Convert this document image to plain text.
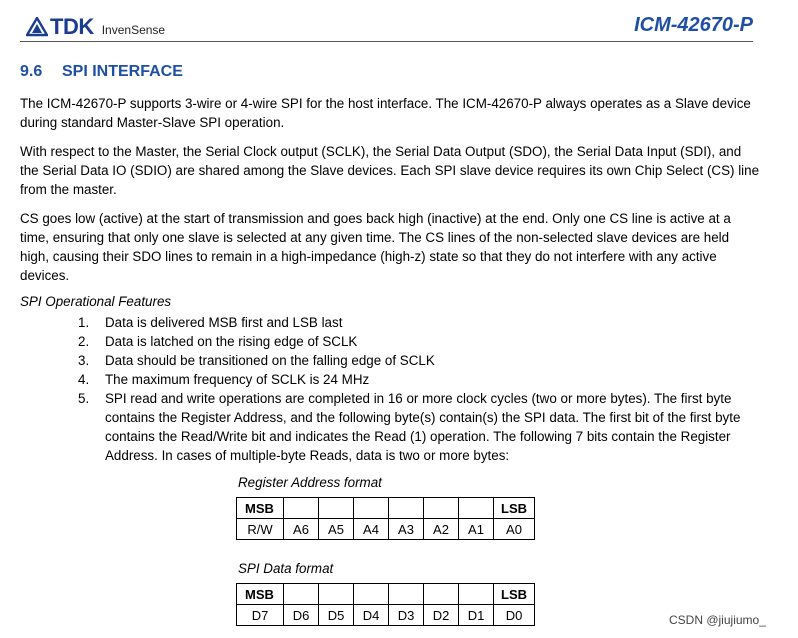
TDK InvenSense	ICM-42670-P
9.6 SPI INTERFACE

The ICM-42670-P supports 3-wire or 4-wire SPI for the host interface. The ICM-42670-P always operates as a Slave device during standard Master-Slave SPI operation.

With respect to the Master, the Serial Clock output (SCLK), the Serial Data Output (SDO), the Serial Data Input (SDI), and the Serial Data IO (SDIO) are shared among the Slave devices. Each SPI slave device requires its own Chip Select (CS) line from the master.

CS goes low (active) at the start of transmission and goes back high (inactive) at the end. Only one CS line is active at a time, ensuring that only one slave is selected at any given time. The CS lines of the non-selected slave devices are held high, causing their SDO lines to remain in a high-impedance (high-z) state so that they do not interfere with any active devices.

SPI Operational Features
1. Data is delivered MSB first and LSB last
2. Data is latched on the rising edge of SCLK
3. Data should be transitioned on the falling edge of SCLK
4. The maximum frequency of SCLK is 24 MHz
5. SPI read and write operations are completed in 16 or more clock cycles (two or more bytes). The first byte contains the Register Address, and the following byte(s) contain(s) the SPI data. The first bit of the first byte contains the Read/Write bit and indicates the Read (1) operation. The following 7 bits contain the Register Address. In cases of multiple-byte Reads, data is two or more bytes:
Register Address format
MSB							LSB
R/W	A6	A5	A4	A3	A2	A1	A0
SPI Data format
MSB							LSB
D7	D6	D5	D4	D3	D2	D1	D0	CSDN @jiujiumo_
